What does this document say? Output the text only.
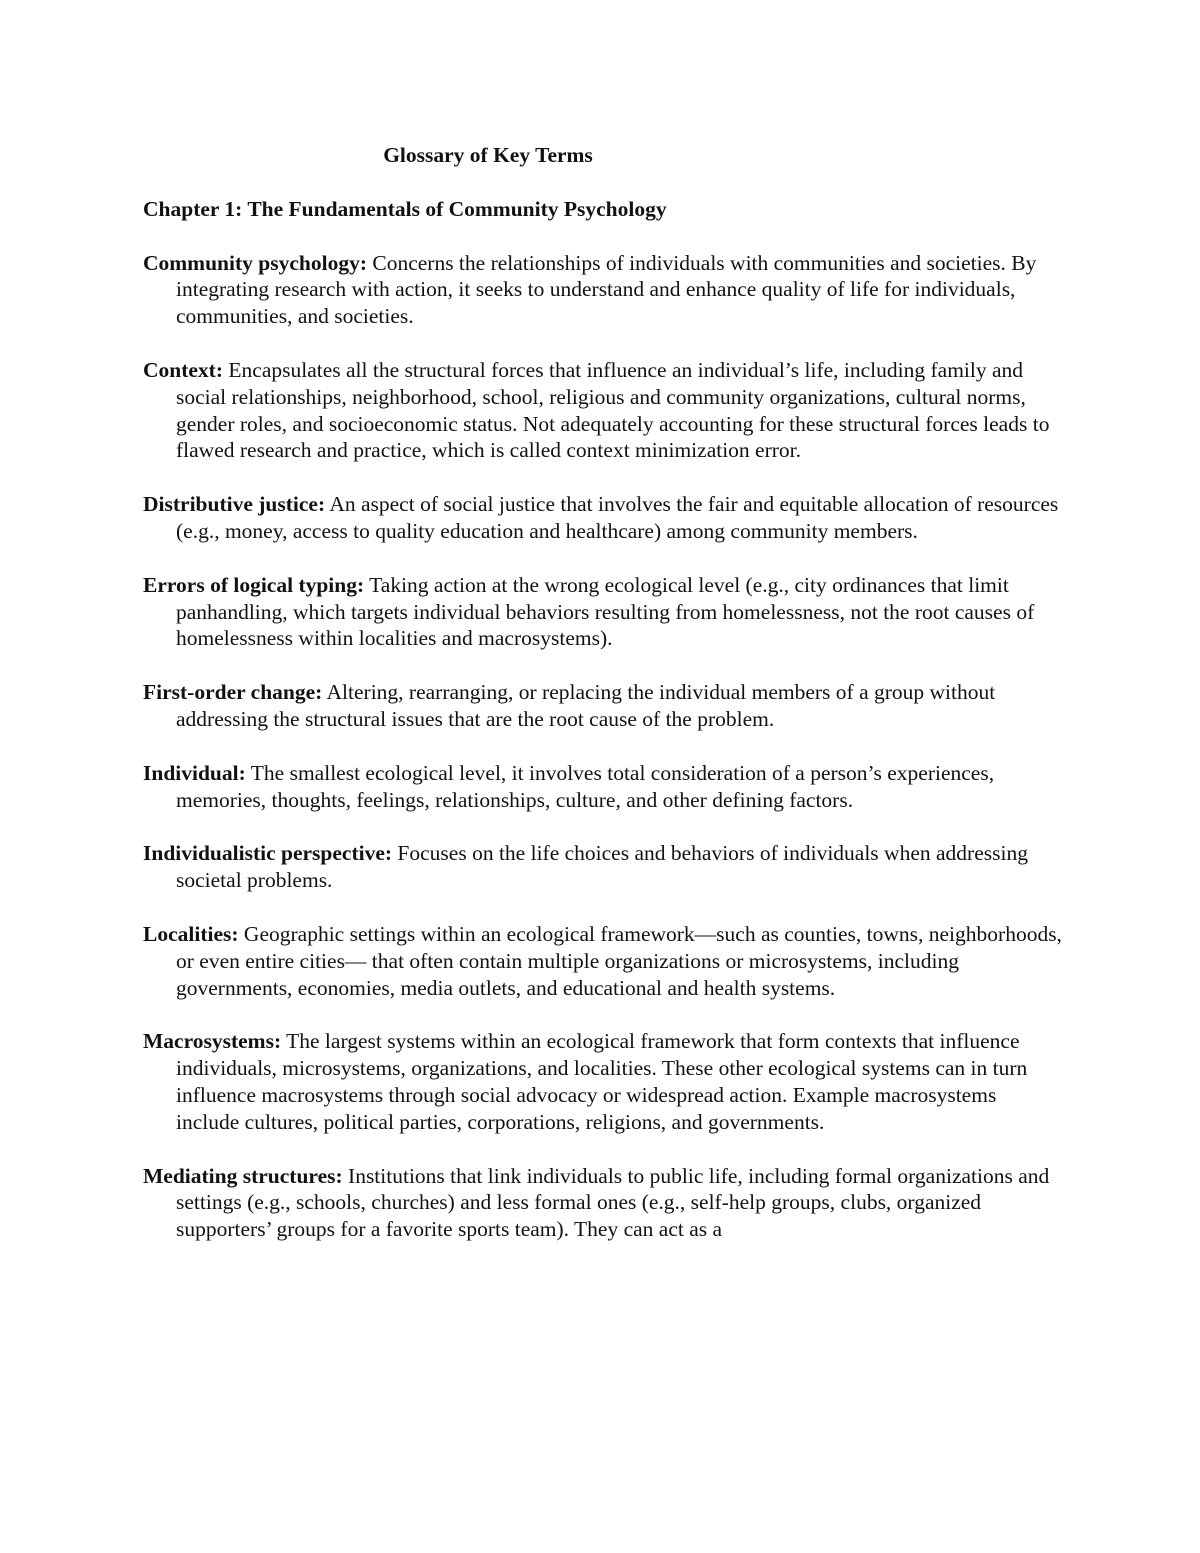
Glossary of Key Terms
Chapter 1: The Fundamentals of Community Psychology
Community psychology: Concerns the relationships of individuals with communities and societies. By integrating research with action, it seeks to understand and enhance quality of life for individuals, communities, and societies.
Context: Encapsulates all the structural forces that influence an individual’s life, including family and social relationships, neighborhood, school, religious and community organizations, cultural norms, gender roles, and socioeconomic status. Not adequately accounting for these structural forces leads to flawed research and practice, which is called context minimization error.
Distributive justice: An aspect of social justice that involves the fair and equitable allocation of resources (e.g., money, access to quality education and healthcare) among community members.
Errors of logical typing: Taking action at the wrong ecological level (e.g., city ordinances that limit panhandling, which targets individual behaviors resulting from homelessness, not the root causes of homelessness within localities and macrosystems).
First-order change: Altering, rearranging, or replacing the individual members of a group without addressing the structural issues that are the root cause of the problem.
Individual: The smallest ecological level, it involves total consideration of a person’s experiences, memories, thoughts, feelings, relationships, culture, and other defining factors.
Individualistic perspective: Focuses on the life choices and behaviors of individuals when addressing societal problems.
Localities: Geographic settings within an ecological framework—such as counties, towns, neighborhoods, or even entire cities— that often contain multiple organizations or microsystems, including governments, economies, media outlets, and educational and health systems.
Macrosystems: The largest systems within an ecological framework that form contexts that influence individuals, microsystems, organizations, and localities. These other ecological systems can in turn influence macrosystems through social advocacy or widespread action. Example macrosystems include cultures, political parties, corporations, religions, and governments.
Mediating structures: Institutions that link individuals to public life, including formal organizations and settings (e.g., schools, churches) and less formal ones (e.g., self-help groups, clubs, organized supporters’ groups for a favorite sports team). They can act as a
